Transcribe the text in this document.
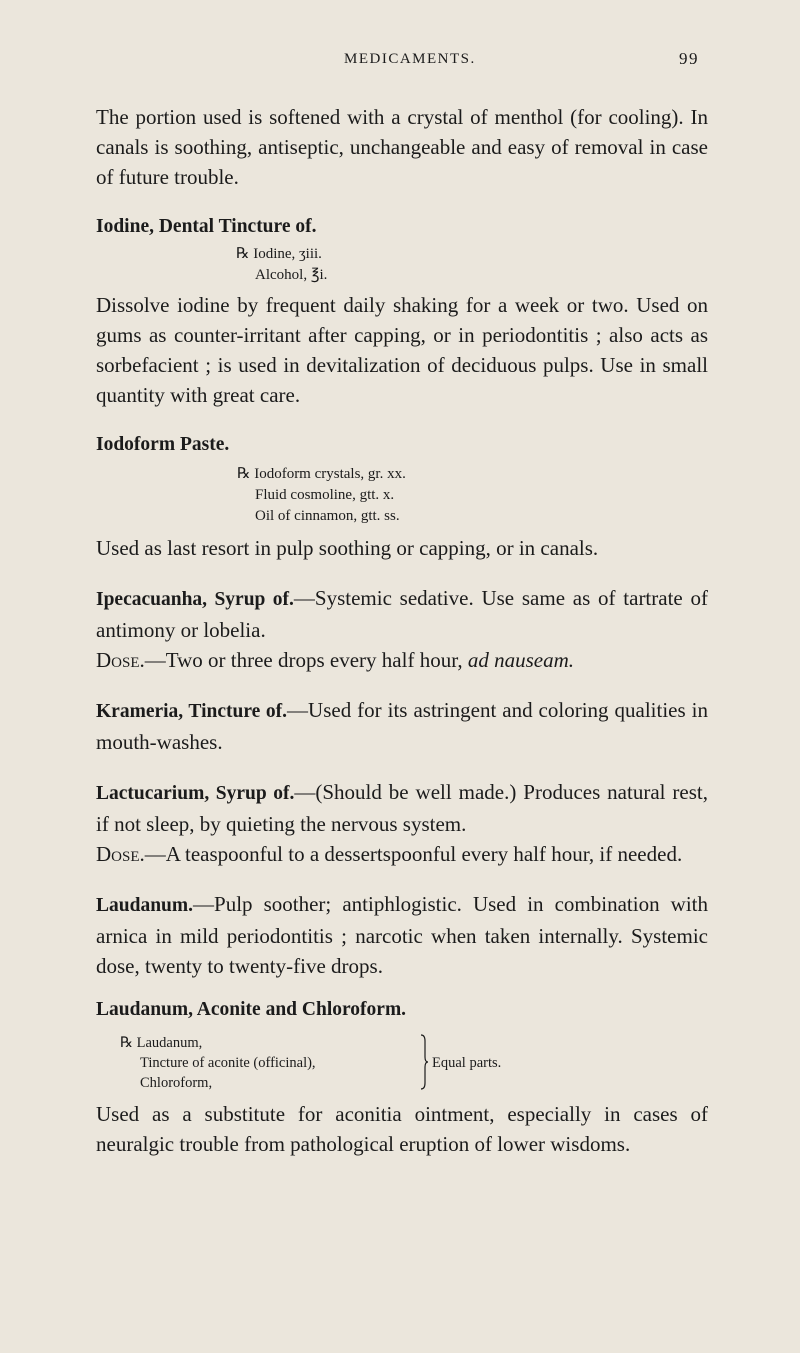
MEDICAMENTS.	99

The portion used is softened with a crystal of menthol (for cooling). In canals is soothing, antiseptic, unchangeable and easy of removal in case of future trouble.

Iodine, Dental Tincture of.

℞ Iodine, ʒiii.
Alcohol, ℥i.

Dissolve iodine by frequent daily shaking for a week or two. Used on gums as counter-irritant after capping, or in periodontitis ; also acts as sorbefacient ; is used in devitalization of deciduous pulps. Use in small quantity with great care.

Iodoform Paste.

℞ Iodoform crystals, gr. xx.
Fluid cosmoline, gtt. x.
Oil of cinnamon, gtt. ss.

Used as last resort in pulp soothing or capping, or in canals.

Ipecacuanha, Syrup of.—Systemic sedative. Use same as of tartrate of antimony or lobelia.

Dose.—Two or three drops every half hour, ad nauseam.

Krameria, Tincture of.—Used for its astringent and coloring qualities in mouth-washes.

Lactucarium, Syrup of.—(Should be well made.) Produces natural rest, if not sleep, by quieting the nervous system.

Dose.—A teaspoonful to a dessertspoonful every half hour, if needed.

Laudanum.—Pulp soother; antiphlogistic. Used in combination with arnica in mild periodontitis ; narcotic when taken internally. Systemic dose, twenty to twenty-five drops.

Laudanum, Aconite and Chloroform.

℞ Laudanum,
Tincture of aconite (officinal),
Chloroform,
Equal parts.

Used as a substitute for aconitia ointment, especially in cases of neuralgic trouble from pathological eruption of lower wisdoms.
